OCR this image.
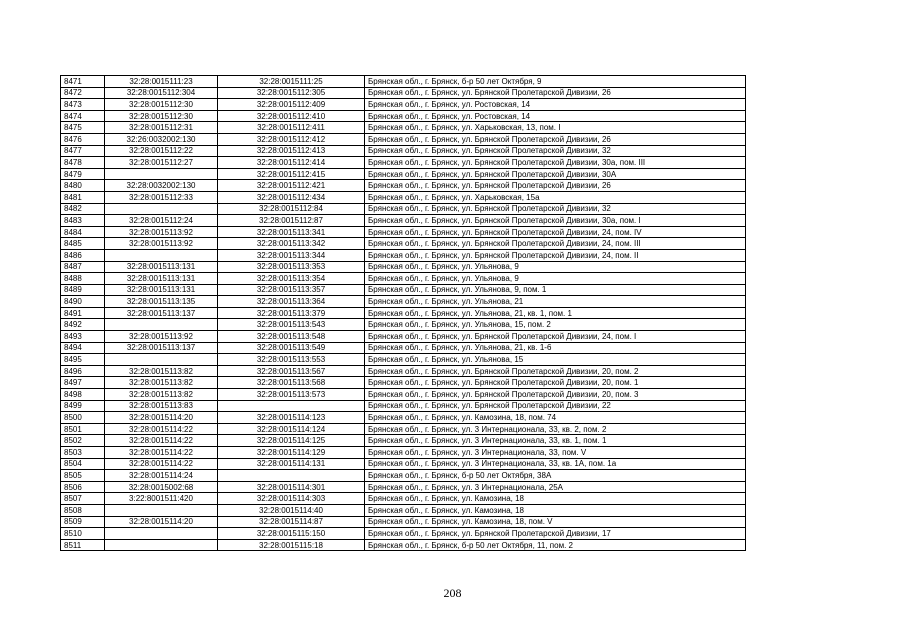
8471	32:28:0015111:23	32:28:0015111:25	Брянская обл., г. Брянск, б-р 50 лет Октября, 9
8472	32:28:0015112:304	32:28:0015112:305	Брянская обл., г. Брянск, ул. Брянской Пролетарской Дивизии, 26
8473	32:28:0015112:30	32:28:0015112:409	Брянская обл., г. Брянск, ул. Ростовская, 14
8474	32:28:0015112:30	32:28:0015112:410	Брянская обл., г. Брянск, ул. Ростовская, 14
8475	32:28:0015112:31	32:28:0015112:411	Брянская обл., г. Брянск, ул. Харьковская, 13, пом. I
8476	32:26:0032002:130	32:28:0015112:412	Брянская обл., г. Брянск, ул. Брянской Пролетарской Дивизии, 26
8477	32:28:0015112:22	32:28:0015112:413	Брянская обл., г. Брянск, ул. Брянской Пролетарской Дивизии, 32
8478	32:28:0015112:27	32:28:0015112:414	Брянская обл., г. Брянск, ул. Брянской Пролетарской Дивизии, 30а, пом. III
8479		32:28:0015112:415	Брянская обл., г. Брянск, ул. Брянской Пролетарской Дивизии, 30А
8480	32:28:0032002:130	32:28:0015112:421	Брянская обл., г. Брянск, ул. Брянской Пролетарской Дивизии, 26
8481	32:28:0015112:33	32:28:0015112:434	Брянская обл., г. Брянск, ул. Харьковская, 15а
8482		32:28:0015112:84	Брянская обл., г. Брянск, ул. Брянской Пролетарской Дивизии, 32
8483	32:28:0015112:24	32:28:0015112:87	Брянская обл., г. Брянск, ул. Брянской Пролетарской Дивизии, 30а, пом. I
8484	32:28:0015113:92	32:28:0015113:341	Брянская обл., г. Брянск, ул. Брянской Пролетарской Дивизии, 24, пом. IV
8485	32:28:0015113:92	32:28:0015113:342	Брянская обл., г. Брянск, ул. Брянской Пролетарской Дивизии, 24, пом. III
8486		32:28:0015113:344	Брянская обл., г. Брянск, ул. Брянской Пролетарской Дивизии, 24, пом. II
8487	32:28:0015113:131	32:28:0015113:353	Брянская обл., г. Брянск, ул. Ульянова, 9
8488	32:28:0015113:131	32:28:0015113:354	Брянская обл., г. Брянск, ул. Ульянова, 9
8489	32:28:0015113:131	32:28:0015113:357	Брянская обл., г. Брянск, ул. Ульянова, 9, пом. 1
8490	32:28:0015113:135	32:28:0015113:364	Брянская обл., г. Брянск, ул. Ульянова, 21
8491	32:28:0015113:137	32:28:0015113:379	Брянская обл., г. Брянск, ул. Ульянова, 21, кв. 1, пом. 1
8492		32:28:0015113:543	Брянская обл., г. Брянск, ул. Ульянова, 15, пом. 2
8493	32:28:0015113:92	32:28:0015113:548	Брянская обл., г. Брянск, ул. Брянской Пролетарской Дивизии, 24, пом. I
8494	32:28:0015113:137	32:28:0015113:549	Брянская обл., г. Брянск, ул. Ульянова, 21, кв. 1-6
8495		32:28:0015113:553	Брянская обл., г. Брянск, ул. Ульянова, 15
8496	32:28:0015113:82	32:28:0015113:567	Брянская обл., г. Брянск, ул. Брянской Пролетарской Дивизии, 20, пом. 2
8497	32:28:0015113:82	32:28:0015113:568	Брянская обл., г. Брянск, ул. Брянской Пролетарской Дивизии, 20, пом. 1
8498	32:28:0015113:82	32:28:0015113:573	Брянская обл., г. Брянск, ул. Брянской Пролетарской Дивизии, 20, пом. 3
8499	32:28:0015113:83		Брянская обл., г. Брянск, ул. Брянской Пролетарской Дивизии, 22
8500	32:28:0015114:20	32:28:0015114:123	Брянская обл., г. Брянск, ул. Камозина, 18, пом. 74
8501	32:28:0015114:22	32:28:0015114:124	Брянская обл., г. Брянск, ул. 3 Интернационала, 33, кв. 2, пом. 2
8502	32:28:0015114:22	32:28:0015114:125	Брянская обл., г. Брянск, ул. 3 Интернационала, 33, кв. 1, пом. 1
8503	32:28:0015114:22	32:28:0015114:129	Брянская обл., г. Брянск, ул. 3 Интернационала, 33, пом. V
8504	32:28:0015114:22	32:28:0015114:131	Брянская обл., г. Брянск, ул. 3 Интернационала, 33, кв. 1А, пом. 1а
8505	32:28:0015114:24		Брянская обл., г. Брянск, б-р 50 лет Октября, 38А
8506	32:28:0015002:68	32:28:0015114:301	Брянская обл., г. Брянск, ул. 3 Интернационала, 25А
8507	3:22:8001511:420	32:28:0015114:303	Брянская обл., г. Брянск, ул. Камозина, 18
8508		32:28:0015114:40	Брянская обл., г. Брянск, ул. Камозина, 18
8509	32:28:0015114:20	32:28:0015114:87	Брянская обл., г. Брянск, ул. Камозина, 18, пом. V
8510		32:28:0015115:150	Брянская обл., г. Брянск, ул. Брянской Пролетарской Дивизии, 17
8511		32:28:0015115:18	Брянская обл., г. Брянск, б-р 50 лет Октября, 11, пом. 2
208
